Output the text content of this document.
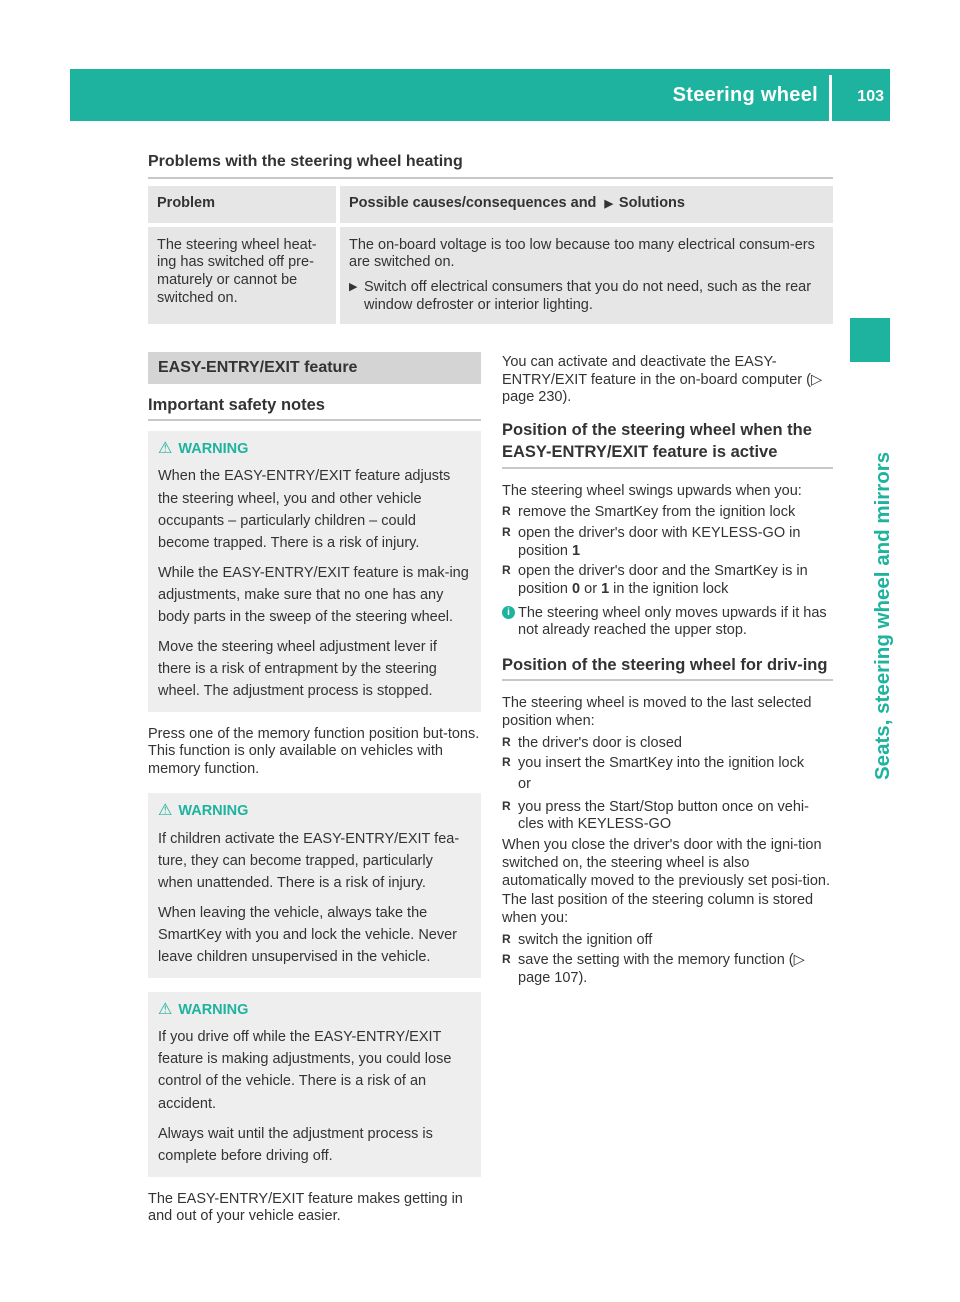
Steering wheel 103
Seats, steering wheel and mirrors
Problems with the steering wheel heating
Problem	Possible causes/consequences and ▶ Solutions

The steering wheel heat-ing has switched off pre-maturely or cannot be switched on.	The on-board voltage is too low because too many electrical consum-ers are switched on.

▶ Switch off electrical consumers that you do not need, such as the rear window defroster or interior lighting.

EASY-ENTRY/EXIT feature
Important safety notes
⚠ WARNING

When the EASY-ENTRY/EXIT feature adjusts the steering wheel, you and other vehicle occupants – particularly children – could become trapped. There is a risk of injury.

While the EASY-ENTRY/EXIT feature is mak-ing adjustments, make sure that no one has any body parts in the sweep of the steering wheel.

Move the steering wheel adjustment lever if there is a risk of entrapment by the steering wheel. The adjustment process is stopped.

Press one of the memory function position but-tons. This function is only available on vehicles with memory function.

⚠ WARNING

If children activate the EASY-ENTRY/EXIT fea-ture, they can become trapped, particularly when unattended. There is a risk of injury.

When leaving the vehicle, always take the SmartKey with you and lock the vehicle. Never leave children unsupervised in the vehicle.

⚠ WARNING

If you drive off while the EASY-ENTRY/EXIT feature is making adjustments, you could lose control of the vehicle. There is a risk of an accident.

Always wait until the adjustment process is complete before driving off.

The EASY-ENTRY/EXIT feature makes getting in and out of your vehicle easier.

You can activate and deactivate the EASY-ENTRY/EXIT feature in the on-board computer (▷ page 230).

Position of the steering wheel when the EASY-ENTRY/EXIT feature is active

The steering wheel swings upwards when you:

R remove the SmartKey from the ignition lock
R open the driver's door with KEYLESS-GO in position 1
R open the driver's door and the SmartKey is in position 0 or 1 in the ignition lock
i The steering wheel only moves upwards if it has not already reached the upper stop.
Position of the steering wheel for driv-ing

The steering wheel is moved to the last selected position when:

R the driver's door is closed
R you insert the SmartKey into the ignition lock

or

R you press the Start/Stop button once on vehi-cles with KEYLESS-GO

When you close the driver's door with the igni-tion switched on, the steering wheel is also automatically moved to the previously set posi-tion.

The last position of the steering column is stored when you:

R switch the ignition off
R save the setting with the memory function (▷ page 107).
